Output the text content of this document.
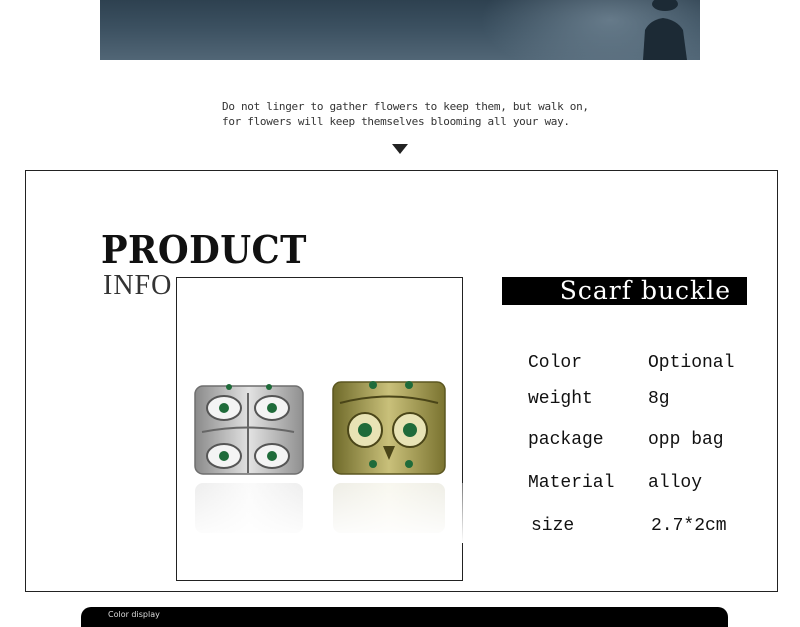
Do not linger to gather flowers to keep them, but walk on,
for flowers will keep themselves blooming all your way.
PRODUCT
INFO	Scarf buckle
Color	Optional
weight	8g
package opp bag
Material alloy
size	2.7*2cm
Color display
